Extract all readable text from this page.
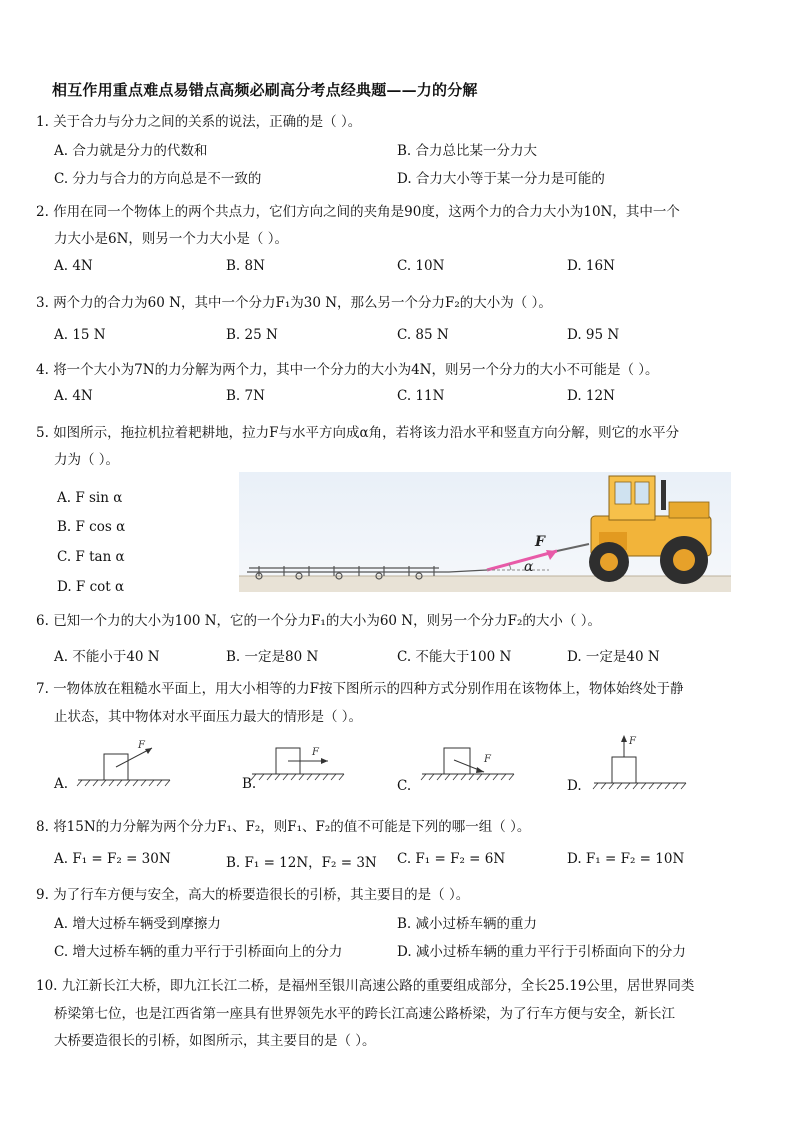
相互作用重点难点易错点高频必刷高分考点经典题——力的分解
1. 关于合力与分力之间的关系的说法，正确的是（ ）。
A. 合力就是分力的代数和	B. 合力总比某一分力大
C. 分力与合力的方向总是不一致的	D. 合力大小等于某一分力是可能的
2. 作用在同一个物体上的两个共点力，它们方向之间的夹角是90度，这两个力的合力大小为10N，其中一个
力大小是6N，则另一个力大小是（ ）。
A. 4N	B. 8N	C. 10N	D. 16N
3. 两个力的合力为60 N，其中一个分力F₁为30 N，那么另一个分力F₂的大小为（ ）。
A. 15 N	B. 25 N	C. 85 N	D. 95 N
4. 将一个大小为7N的力分解为两个力，其中一个分力的大小为4N，则另一个分力的大小不可能是（ ）。
A. 4N	B. 7N	C. 11N	D. 12N
5. 如图所示，拖拉机拉着耙耕地，拉力F与水平方向成α角，若将该力沿水平和竖直方向分解，则它的水平分
力为（ ）。
A. F sin α
B. F cos α
C. F tan α
D. F cot α
α
F
6. 已知一个力的大小为100 N，它的一个分力F₁的大小为60 N，则另一个分力F₂的大小（ ）。
A. 不能小于40 N	B. 一定是80 N	C. 不能大于100 N	D. 一定是40 N
7. 一物体放在粗糙水平面上，用大小相等的力F按下图所示的四种方式分别作用在该物体上，物体始终处于静
止状态，其中物体对水平面压力最大的情形是（ ）。
A.
F
B.
F
C.
F
D.
F
8. 将15N的力分解为两个分力F₁、F₂，则F₁、F₂的值不可能是下列的哪一组（ ）。
A. F₁ = F₂ = 30N	B. F₁ = 12N，F₂ = 3N C. F₁ = F₂ = 6N	D. F₁ = F₂ = 10N
9. 为了行车方便与安全，高大的桥要造很长的引桥，其主要目的是（ ）。
A. 增大过桥车辆受到摩擦力	B. 减小过桥车辆的重力
C. 增大过桥车辆的重力平行于引桥面向上的分力	D. 减小过桥车辆的重力平行于引桥面向下的分力
10. 九江新长江大桥，即九江长江二桥，是福州至银川高速公路的重要组成部分，全长25.19公里，居世界同类
桥梁第七位，也是江西省第一座具有世界领先水平的跨长江高速公路桥梁，为了行车方便与安全，新长江
大桥要造很长的引桥，如图所示，其主要目的是（ ）。
